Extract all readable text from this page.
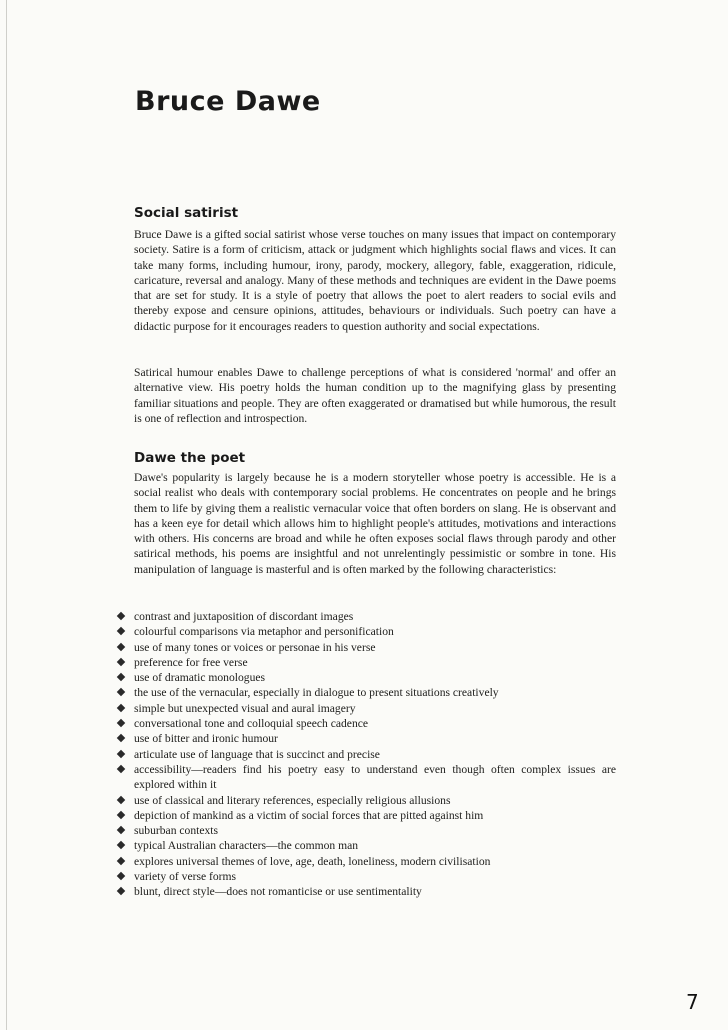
Bruce Dawe
Social satirist

Bruce Dawe is a gifted social satirist whose verse touches on many issues that impact on contemporary society. Satire is a form of criticism, attack or judgment which highlights social flaws and vices. It can take many forms, including humour, irony, parody, mockery, allegory, fable, exaggeration, ridicule, caricature, reversal and analogy. Many of these methods and techniques are evident in the Dawe poems that are set for study. It is a style of poetry that allows the poet to alert readers to social evils and thereby expose and censure opinions, attitudes, behaviours or individuals. Such poetry can have a didactic purpose for it encourages readers to question authority and social expectations.

Satirical humour enables Dawe to challenge perceptions of what is considered 'normal' and offer an alternative view. His poetry holds the human condition up to the magnifying glass by presenting familiar situations and people. They are often exaggerated or dramatised but while humorous, the result is one of reflection and introspection.

Dawe the poet

Dawe's popularity is largely because he is a modern storyteller whose poetry is accessible. He is a social realist who deals with contemporary social problems. He concentrates on people and he brings them to life by giving them a realistic vernacular voice that often borders on slang. He is observant and has a keen eye for detail which allows him to highlight people's attitudes, motivations and interactions with others. His concerns are broad and while he often exposes social flaws through parody and other satirical methods, his poems are insightful and not unrelentingly pessimistic or sombre in tone. His manipulation of language is masterful and is often marked by the following characteristics:

contrast and juxtaposition of discordant images
colourful comparisons via metaphor and personification
use of many tones or voices or personae in his verse
preference for free verse
use of dramatic monologues
the use of the vernacular, especially in dialogue to present situations creatively
simple but unexpected visual and aural imagery
conversational tone and colloquial speech cadence
use of bitter and ironic humour
articulate use of language that is succinct and precise
accessibility—readers find his poetry easy to understand even though often complex issues are explored within it
use of classical and literary references, especially religious allusions
depiction of mankind as a victim of social forces that are pitted against him
suburban contexts
typical Australian characters—the common man
explores universal themes of love, age, death, loneliness, modern civilisation
variety of verse forms
blunt, direct style—does not romanticise or use sentimentality

7
